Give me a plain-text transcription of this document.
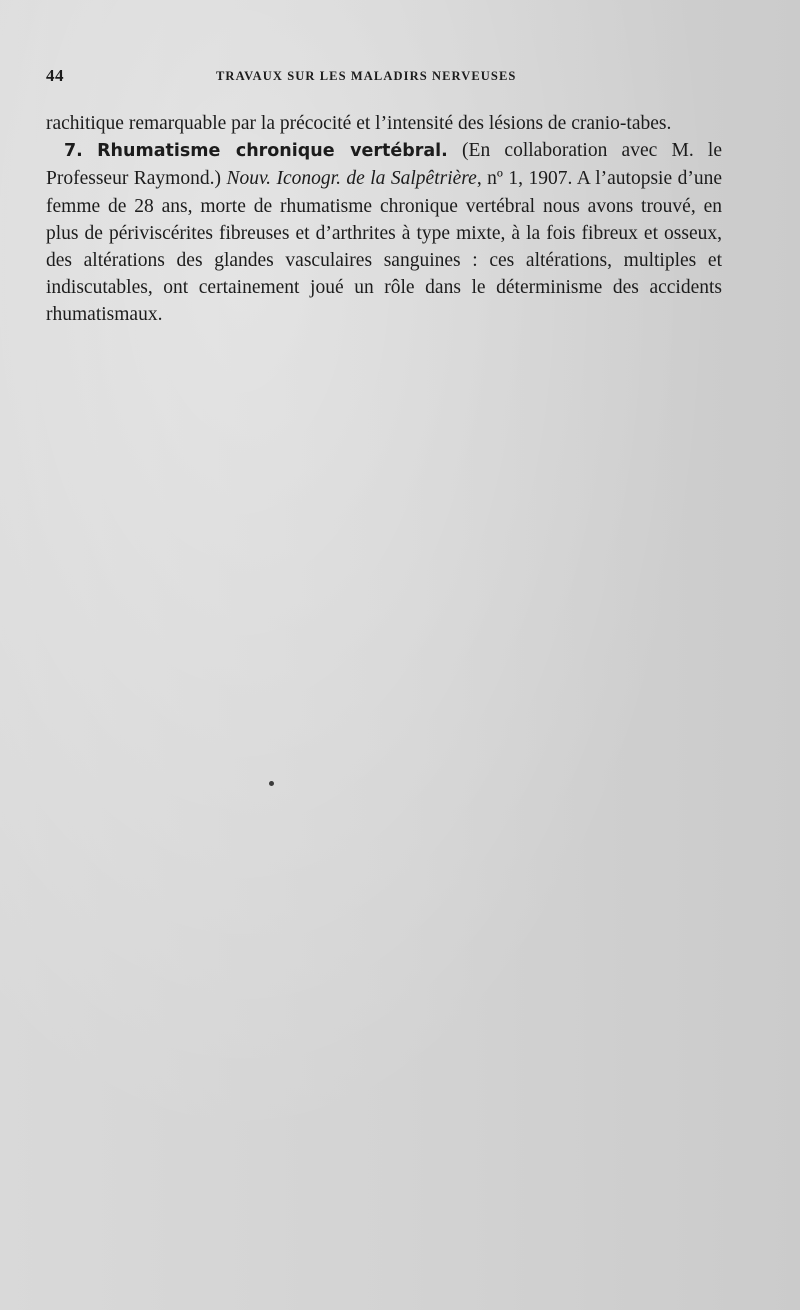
44	TRAVAUX SUR LES MALADIRS NERVEUSES

rachitique remarquable par la précocité et l’intensité des lésions de cranio-tabes.

7. Rhumatisme chronique vertébral. (En collaboration avec M. le Professeur Raymond.) Nouv. Iconogr. de la Salpêtrière, nº 1, 1907. A l’autopsie d’une femme de 28 ans, morte de rhumatisme chronique vertébral nous avons trouvé, en plus de périviscérites fibreuses et d’arthrites à type mixte, à la fois fibreux et osseux, des altérations des glandes vasculaires sanguines : ces altérations, multiples et indiscutables, ont certainement joué un rôle dans le déterminisme des accidents rhumatismaux.
